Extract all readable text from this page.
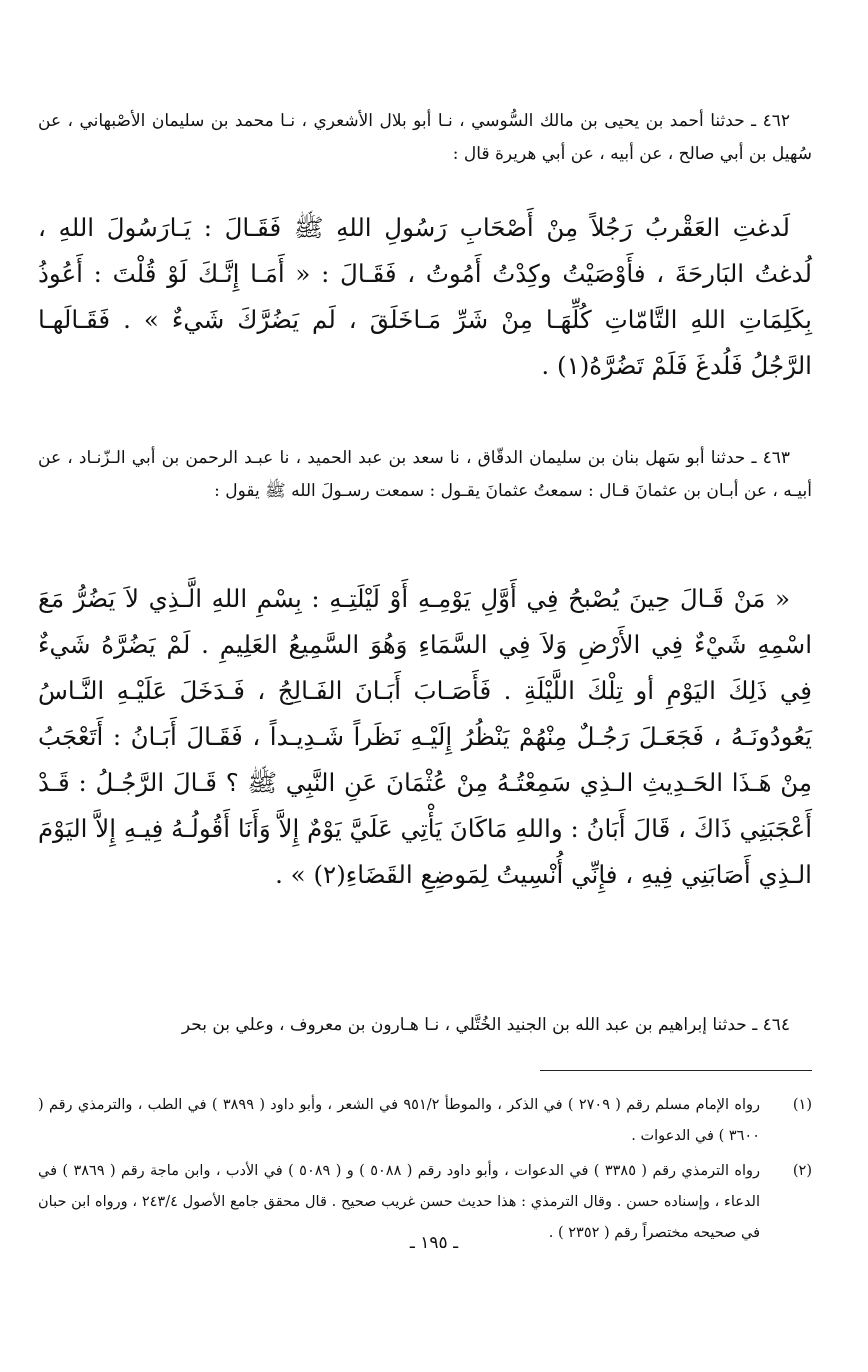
٤٦٢ ـ حدثنا أحمد بن يحيى بن مالك السُّوسي ، نـا أبو بلال الأشعري ، نـا محمد بن سليمان الأصْبهاني ، عن سُهيل بن أبي صالح ، عن أبيه ، عن أبي هريرة قال :

لَدغتِ العَقْربُ رَجُلاً مِنْ أَصْحَابِ رَسُولِ اللهِ ﷺ فَقَـالَ : يَـارَسُولَ اللهِ ، لُدغتُ البَارحَةَ ، فأَوْصَيْتُ وكِدْتُ أَمُوتُ ، فَقَـالَ : « أَمَـا إِنَّـكَ لَوْ قُلْتَ : أَعُوذُ بِكَلِمَاتِ اللهِ التَّامّاتِ كُلِّهَـا مِنْ شَرِّ مَـاخَلَقَ ، لَم يَضُرَّكَ شَيءٌ » . فَقَـالَهـا الرَّجُلُ فَلُدغَ فَلَمْ تَضُرَّهُ(١) .

٤٦٣ ـ حدثنا أبو سَهل بنان بن سليمان الدقّاق ، نا سعد بن عبد الحميد ، نا عبـد الرحمن بن أبي الـزّنـاد ، عن أبيـه ، عن أبـان بن عثمانَ قـال : سمعتُ عثمانَ يقـول : سمعت رسـولَ الله ﷺ يقول :

« مَنْ قَـالَ حِينَ يُصْبحُ فِي أَوَّلِ يَوْمِـهِ أَوْ لَيْلَتِـهِ : بِسْمِ اللهِ الَّـذِي لاَ يَضُرُّ مَعَ اسْمِهِ شَيْءٌ فِي الأَرْضِ وَلاَ فِي السَّمَاءِ وَهُوَ السَّمِيعُ العَلِيمِ . لَمْ يَضُرَّهُ شَيءٌ فِي ذَلِكَ اليَوْمِ أو تِلْكَ اللَّيْلَةِ . فَأَصَـابَ أَبَـانَ الفَـالِجُ ، فَـدَخَلَ عَلَيْـهِ النَّـاسُ يَعُودُونَـهُ ، فَجَعَـلَ رَجُـلٌ مِنْهُمْ يَنْظُرُ إِلَيْـهِ نَظَراً شَـدِيـداً ، فَقَـالَ أَبَـانُ : أَتَعْجَبُ مِنْ هَـذَا الحَـدِيثِ الـذِي سَمِعْتُـهُ مِنْ عُثْمَانَ عَنِ النَّبِي ﷺ ؟ قَـالَ الرَّجُـلُ : قَـدْ أَعْجَبَنِي ذَاكَ ، قَالَ أَبَانُ : واللهِ مَاكَانَ يَأْتِي عَلَيَّ يَوْمٌ إِلاَّ وَأَنَا أَقُولُـهُ فِيـهِ إِلاَّ اليَوْمَ الـذِي أَصَابَنِي فِيهِ ، فإِنِّي أُنْسِيتُ لِمَوضِعِ القَضَاءِ(٢) » .

٤٦٤ ـ حدثنا إبراهيم بن عبد الله بن الجنيد الخُتَّلي ، نـا هـارون بن معروف ، وعلي بن بحر

(١)
رواه الإمام مسلم رقم ( ٢٧٠٩ ) في الذكر ، والموطأ ٩٥١/٢ في الشعر ، وأبو داود ( ٣٨٩٩ ) في الطب ، والترمذي رقم ( ٣٦٠٠ ) في الدعوات .
(٢)
رواه الترمذي رقم ( ٣٣٨٥ ) في الدعوات ، وأبو داود رقم ( ٥٠٨٨ ) و ( ٥٠٨٩ ) في الأدب ، وابن ماجة رقم ( ٣٨٦٩ ) في الدعاء ، وإسناده حسن . وقال الترمذي : هذا حديث حسن غريب صحيح . قال محقق جامع الأصول ٢٤٣/٤ ، ورواه ابن حبان في صحيحه مختصراً رقم ( ٢٣٥٢ ) .
ـ ١٩٥ ـ
